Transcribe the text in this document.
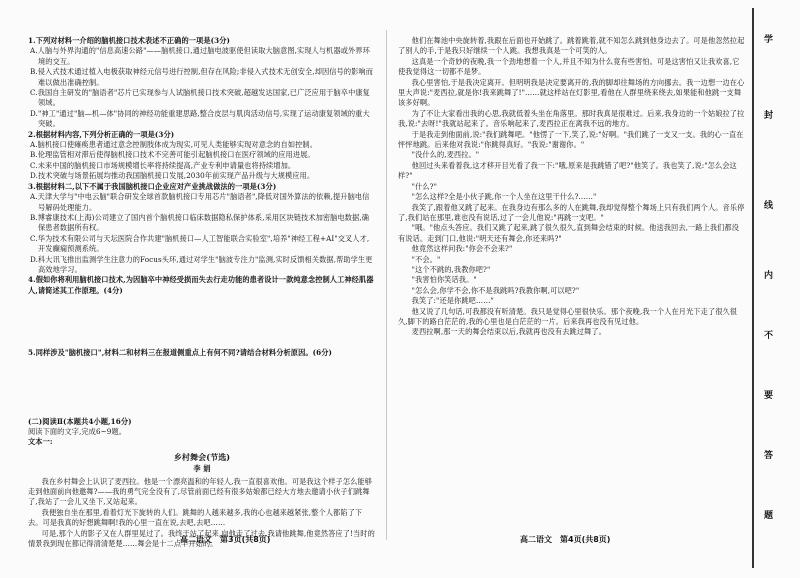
1.下列对材料一介绍的脑机接口技术表述不正确的一项是(3分)
A.人脑与外界沟通的"信息高速公路"——脑机接口,通过脑电波驱使但读取大脑意图,实现人与机器或外界环境的交互。
B.侵入式技术通过植入电极获取神经元信号进行控制,但存在风险;非侵入式技术无创安全,却因信号的影响而难以做出准确控制。
C.我国自主研发的"脑语者"芯片已实现参与人试脑机接口技术突破,超越发达国家,已广泛应用于脑卒中康复领域。
D."神工"通过"脑—机—体"协同的神经功能重建思路,整合皮层与肌肉活动信号,实现了运动康复领域的重大突破。
2.根据材料内容,下列分析正确的一项是(3分)
A.脑机接口使瘫痪患者通过意念控制肢体成为现实,可见人类能够实现对意念的自如控制。
B.伦理监管相对滞后使得脑机接口技术不完善可能引起脑机接口在医疗领域的应用进展。
C.未来中国的脑机接口市场规模增长率将持续提高,产业专利申请量也将持续增加。
D.技术突破与场景拓展均推动我国脑机接口发展,2030年前实现产品升级与大规模应用。
3.根据材料二,以下不属于我国脑机接口企业应对产业挑战做法的一项是(3分)
A.天津大学与"中电云脑"联合研发全球首款脑机接口专用芯片"脑语者",降低对国外算法的依赖,提升脑电信号解码处理能力。
B.博睿康技术(上海)公司建立了国内首个脑机接口临床数据隐私保护体系,采用区块链技术加密脑电数据,确保患者数据所有权。
C.华为技术有限公司与天坛医院合作共建"脑机接口—人工智能联合实验室",培养"神经工程+AI"交叉人才,开发癫痫预测系统。
D.科大讯飞推出监测学生注意力的Focus头环,通过对学生"脑波专注力"监测,实时反馈相关数据,帮助学生更高效地学习。
4.假如你将利用脑机接口技术,为因脑卒中神经受损而失去行走功能的患者设计一款纯意念控制人工神经肌器人,请简述其工作原理。(4分)
5.同样涉及"脑机接口",材料二和材料三在报道侧重点上有何不同?请结合材料分析原因。(6分)
(二)阅读Ⅱ(本题共4小题,16分)
阅读下面的文字,完成6~9题。
文本一:
乡村舞会(节选)
李 娟

我在乡村舞会上认识了麦西拉。他是一个漂亮温和的年轻人,我一直很喜欢他。可是我这个样子怎么能够走到他面前向他邀舞?——我的勇气完全没有了,尽管前面已经有很多姑娘都已经大方地去邀请小伙子们跳舞了,我站了一会儿又坐下,又站起来。

我便独自坐在那里,看着灯光下旋转的人们。跳舞的人越来越多,我的心也越来越紧张,整个人都陷了下去。可是我真的好想跳舞啊!我的心里一直在说,去吧,去吧……

可是,那个人的影子又在人群里晃过了。我终于站了起来,向他走了过去,我请他跳舞,他竟然答应了!当时的情景我到现在都记得清清楚楚……舞会是十二点半开始的。

他们在舞池中央旋转着,我跟在后面也开始跳了。跳着跳着,就不知怎么跳到他身边去了。可是他忽然拉起了别人的手,于是我只好继续一个人跳。我想我真是一个可笑的人。

这真是一个奇妙的夜晚,我一个劲地想着一个人,并且不知为什么竟有些害怕。可是这害怕又让我欢喜,它使我觉得这一切都不是梦。

我心里害怕,于是我决定离开。但明明我是决定要离开的,我的脚却往舞场的方向挪去。我一边想一边在心里大声说:"麦西拉,就是你!我来跳舞了!"……就这样站在灯影里,看他在人群里绕来绕去,如果能和他跳一支舞该多好啊。

为了不让大家看出我的心思,我就低着头坐在角落里。那时我真是很难过。后来,我身边的一个姑娘拉了拉我,说:"去呀!"我就站起来了。音乐响起来了,麦西拉正在离我不远的地方。

于是我走到他面前,说:"我们跳舞吧。"他愣了一下,笑了,说:"好啊。"我们跳了一支又一支。我的心一直在怦怦地跳。后来他对我说:"你跳得真好。"我说:"谢谢你。"

"没什么的,麦西拉。"

他回过头来看着我,这才移开目光看了我一下:"哦,原来是我跳错了吧?"他笑了。我也笑了,说:"怎么会这样?"

"什么?"

"怎么这样?全是小伙子跳,你一个人坐在这里干什么?……"

我笑了,跟着他又跳了起来。在我身边有那么多的人在跳舞,我却觉得整个舞场上只有我们两个人。音乐停了,我们站在那里,谁也没有说话,过了一会儿他说:"再跳一支吧。"

"哦。"他点头答应。我们又跳了起来,跳了很久很久,直到舞会结束的时候。他送我回去,一路上我们都没有说话。走到门口,他说:"明天还有舞会,你还来吗?"

他竟然这样问我:"你会不会来?"

"不会。"

"这个不跳的,我教你吧?"

"我害怕你笑话我。"

"怎么会,你学不会,你不是我跳吗?我教你啊,可以吧?"

我笑了:"还是你跳吧……"

他又说了几句话,可我都没有听清楚。我只是觉得心里很快乐。那个夜晚,我一个人在月光下走了很久很久,脚下的路白茫茫的,我的心里也是白茫茫的一片。后来我再也没有见过他。

麦西拉啊,那一天的舞会结束以后,我就再也没有去跳过舞了。

高二语文　第3页(共8页)	高二语文　第4页(共8页)
学
封
线
内
不
要
答
题
